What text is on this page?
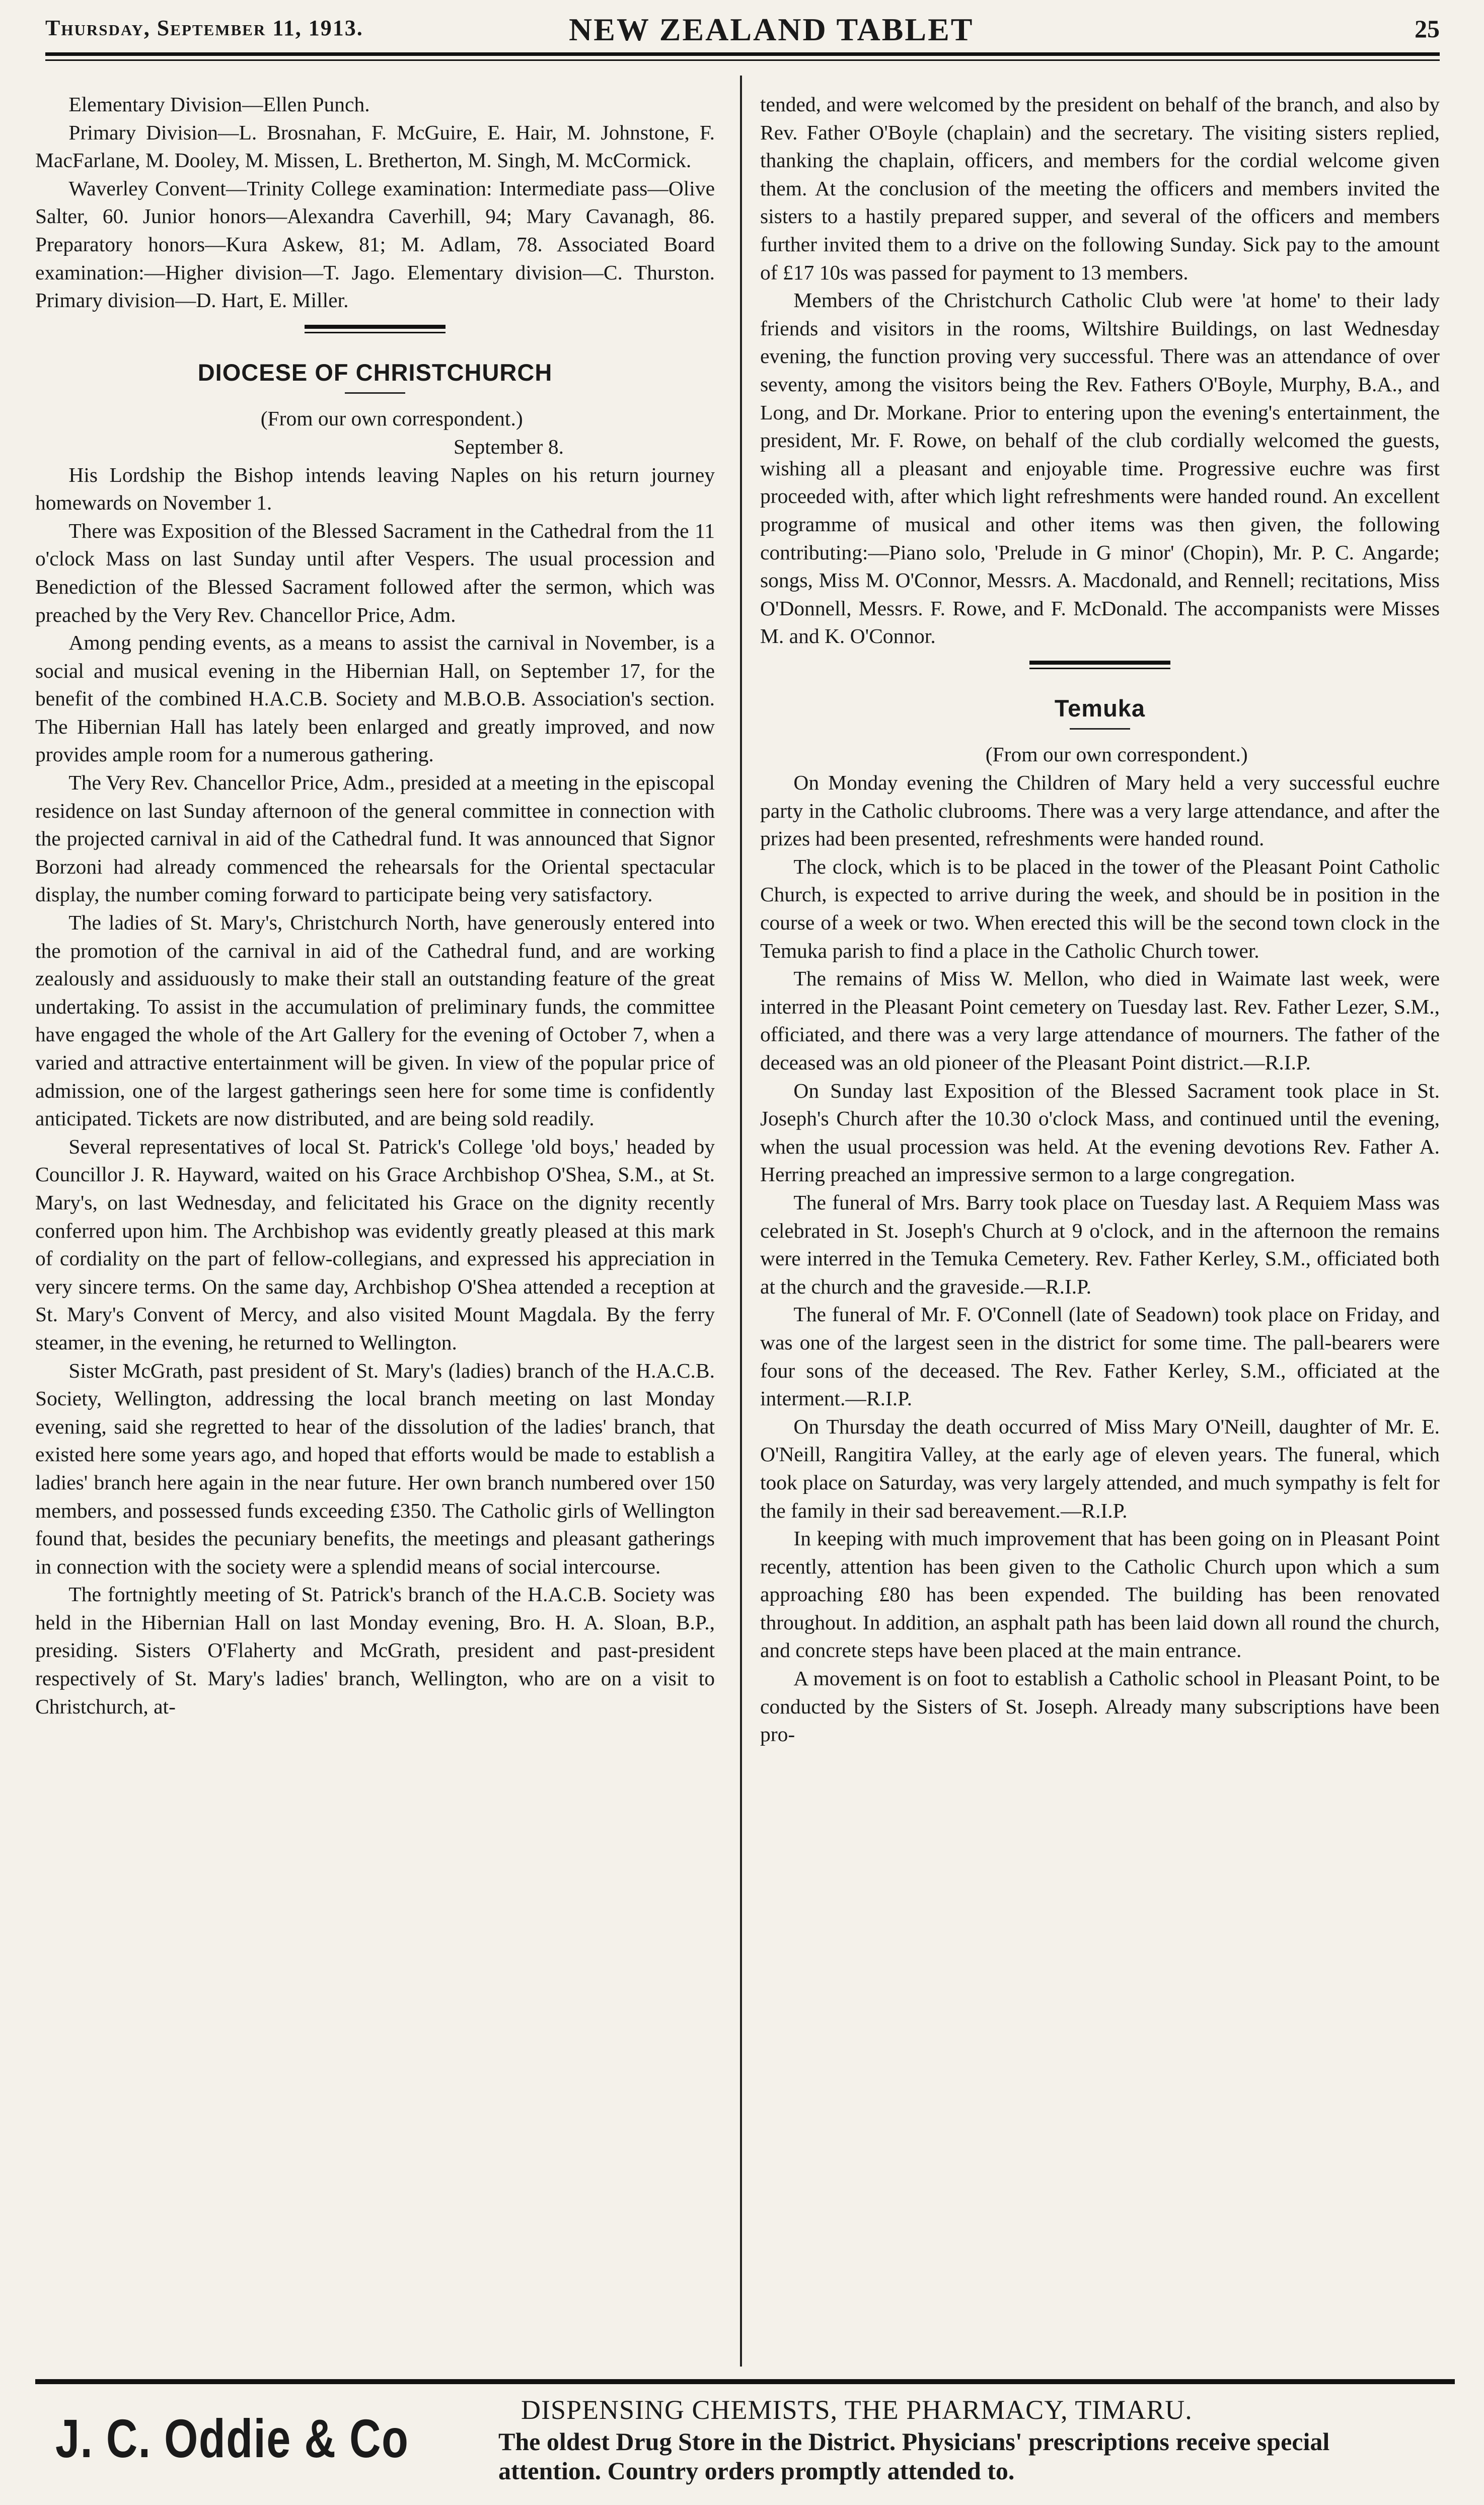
Thursday, September 11, 1913.	NEW ZEALAND TABLET	25

Elementary Division—Ellen Punch.

Primary Division—L. Brosnahan, F. McGuire, E. Hair, M. Johnstone, F. MacFarlane, M. Dooley, M. Missen, L. Bretherton, M. Singh, M. McCormick.

Waverley Convent—Trinity College examination: Intermediate pass—Olive Salter, 60. Junior honors—Alexandra Caverhill, 94; Mary Cavanagh, 86. Preparatory honors—Kura Askew, 81; M. Adlam, 78. Associated Board examination:—Higher division—T. Jago. Elementary division—C. Thurston. Primary division—D. Hart, E. Miller.

DIOCESE OF CHRISTCHURCH

(From our own correspondent.)

September 8.

His Lordship the Bishop intends leaving Naples on his return journey homewards on November 1.

There was Exposition of the Blessed Sacrament in the Cathedral from the 11 o'clock Mass on last Sunday until after Vespers. The usual procession and Benediction of the Blessed Sacrament followed after the sermon, which was preached by the Very Rev. Chancellor Price, Adm.

Among pending events, as a means to assist the carnival in November, is a social and musical evening in the Hibernian Hall, on September 17, for the benefit of the combined H.A.C.B. Society and M.B.O.B. Association's section. The Hibernian Hall has lately been enlarged and greatly improved, and now provides ample room for a numerous gathering.

The Very Rev. Chancellor Price, Adm., presided at a meeting in the episcopal residence on last Sunday afternoon of the general committee in connection with the projected carnival in aid of the Cathedral fund. It was announced that Signor Borzoni had already commenced the rehearsals for the Oriental spectacular display, the number coming forward to participate being very satisfactory.

The ladies of St. Mary's, Christchurch North, have generously entered into the promotion of the carnival in aid of the Cathedral fund, and are working zealously and assiduously to make their stall an outstanding feature of the great undertaking. To assist in the accumulation of preliminary funds, the committee have engaged the whole of the Art Gallery for the evening of October 7, when a varied and attractive entertainment will be given. In view of the popular price of admission, one of the largest gatherings seen here for some time is confidently anticipated. Tickets are now distributed, and are being sold readily.

Several representatives of local St. Patrick's College 'old boys,' headed by Councillor J. R. Hayward, waited on his Grace Archbishop O'Shea, S.M., at St. Mary's, on last Wednesday, and felicitated his Grace on the dignity recently conferred upon him. The Archbishop was evidently greatly pleased at this mark of cordiality on the part of fellow-collegians, and expressed his appreciation in very sincere terms. On the same day, Archbishop O'Shea attended a reception at St. Mary's Convent of Mercy, and also visited Mount Magdala. By the ferry steamer, in the evening, he returned to Wellington.

Sister McGrath, past president of St. Mary's (ladies) branch of the H.A.C.B. Society, Wellington, addressing the local branch meeting on last Monday evening, said she regretted to hear of the dissolution of the ladies' branch, that existed here some years ago, and hoped that efforts would be made to establish a ladies' branch here again in the near future. Her own branch numbered over 150 members, and possessed funds exceeding £350. The Catholic girls of Wellington found that, besides the pecuniary benefits, the meetings and pleasant gatherings in connection with the society were a splendid means of social intercourse.

The fortnightly meeting of St. Patrick's branch of the H.A.C.B. Society was held in the Hibernian Hall on last Monday evening, Bro. H. A. Sloan, B.P., presiding. Sisters O'Flaherty and McGrath, president and past-president respectively of St. Mary's ladies' branch, Wellington, who are on a visit to Christchurch, at-

tended, and were welcomed by the president on behalf of the branch, and also by Rev. Father O'Boyle (chaplain) and the secretary. The visiting sisters replied, thanking the chaplain, officers, and members for the cordial welcome given them. At the conclusion of the meeting the officers and members invited the sisters to a hastily prepared supper, and several of the officers and members further invited them to a drive on the following Sunday. Sick pay to the amount of £17 10s was passed for payment to 13 members.

Members of the Christchurch Catholic Club were 'at home' to their lady friends and visitors in the rooms, Wiltshire Buildings, on last Wednesday evening, the function proving very successful. There was an attendance of over seventy, among the visitors being the Rev. Fathers O'Boyle, Murphy, B.A., and Long, and Dr. Morkane. Prior to entering upon the evening's entertainment, the president, Mr. F. Rowe, on behalf of the club cordially welcomed the guests, wishing all a pleasant and enjoyable time. Progressive euchre was first proceeded with, after which light refreshments were handed round. An excellent programme of musical and other items was then given, the following contributing:—Piano solo, 'Prelude in G minor' (Chopin), Mr. P. C. Angarde; songs, Miss M. O'Connor, Messrs. A. Macdonald, and Rennell; recitations, Miss O'Donnell, Messrs. F. Rowe, and F. McDonald. The accompanists were Misses M. and K. O'Connor.

Temuka

(From our own correspondent.)

On Monday evening the Children of Mary held a very successful euchre party in the Catholic clubrooms. There was a very large attendance, and after the prizes had been presented, refreshments were handed round.

The clock, which is to be placed in the tower of the Pleasant Point Catholic Church, is expected to arrive during the week, and should be in position in the course of a week or two. When erected this will be the second town clock in the Temuka parish to find a place in the Catholic Church tower.

The remains of Miss W. Mellon, who died in Waimate last week, were interred in the Pleasant Point cemetery on Tuesday last. Rev. Father Lezer, S.M., officiated, and there was a very large attendance of mourners. The father of the deceased was an old pioneer of the Pleasant Point district.—R.I.P.

On Sunday last Exposition of the Blessed Sacrament took place in St. Joseph's Church after the 10.30 o'clock Mass, and continued until the evening, when the usual procession was held. At the evening devotions Rev. Father A. Herring preached an impressive sermon to a large congregation.

The funeral of Mrs. Barry took place on Tuesday last. A Requiem Mass was celebrated in St. Joseph's Church at 9 o'clock, and in the afternoon the remains were interred in the Temuka Cemetery. Rev. Father Kerley, S.M., officiated both at the church and the graveside.—R.I.P.

The funeral of Mr. F. O'Connell (late of Seadown) took place on Friday, and was one of the largest seen in the district for some time. The pall-bearers were four sons of the deceased. The Rev. Father Kerley, S.M., officiated at the interment.—R.I.P.

On Thursday the death occurred of Miss Mary O'Neill, daughter of Mr. E. O'Neill, Rangitira Valley, at the early age of eleven years. The funeral, which took place on Saturday, was very largely attended, and much sympathy is felt for the family in their sad bereavement.—R.I.P.

In keeping with much improvement that has been going on in Pleasant Point recently, attention has been given to the Catholic Church upon which a sum approaching £80 has been expended. The building has been renovated throughout. In addition, an asphalt path has been laid down all round the church, and concrete steps have been placed at the main entrance.

A movement is on foot to establish a Catholic school in Pleasant Point, to be conducted by the Sisters of St. Joseph. Already many subscriptions have been pro-

J. C. Oddie & Co	DISPENSING CHEMISTS, THE PHARMACY, TIMARU.
The oldest Drug Store in the District. Physicians' prescriptions receive special
attention. Country orders promptly attended to.
